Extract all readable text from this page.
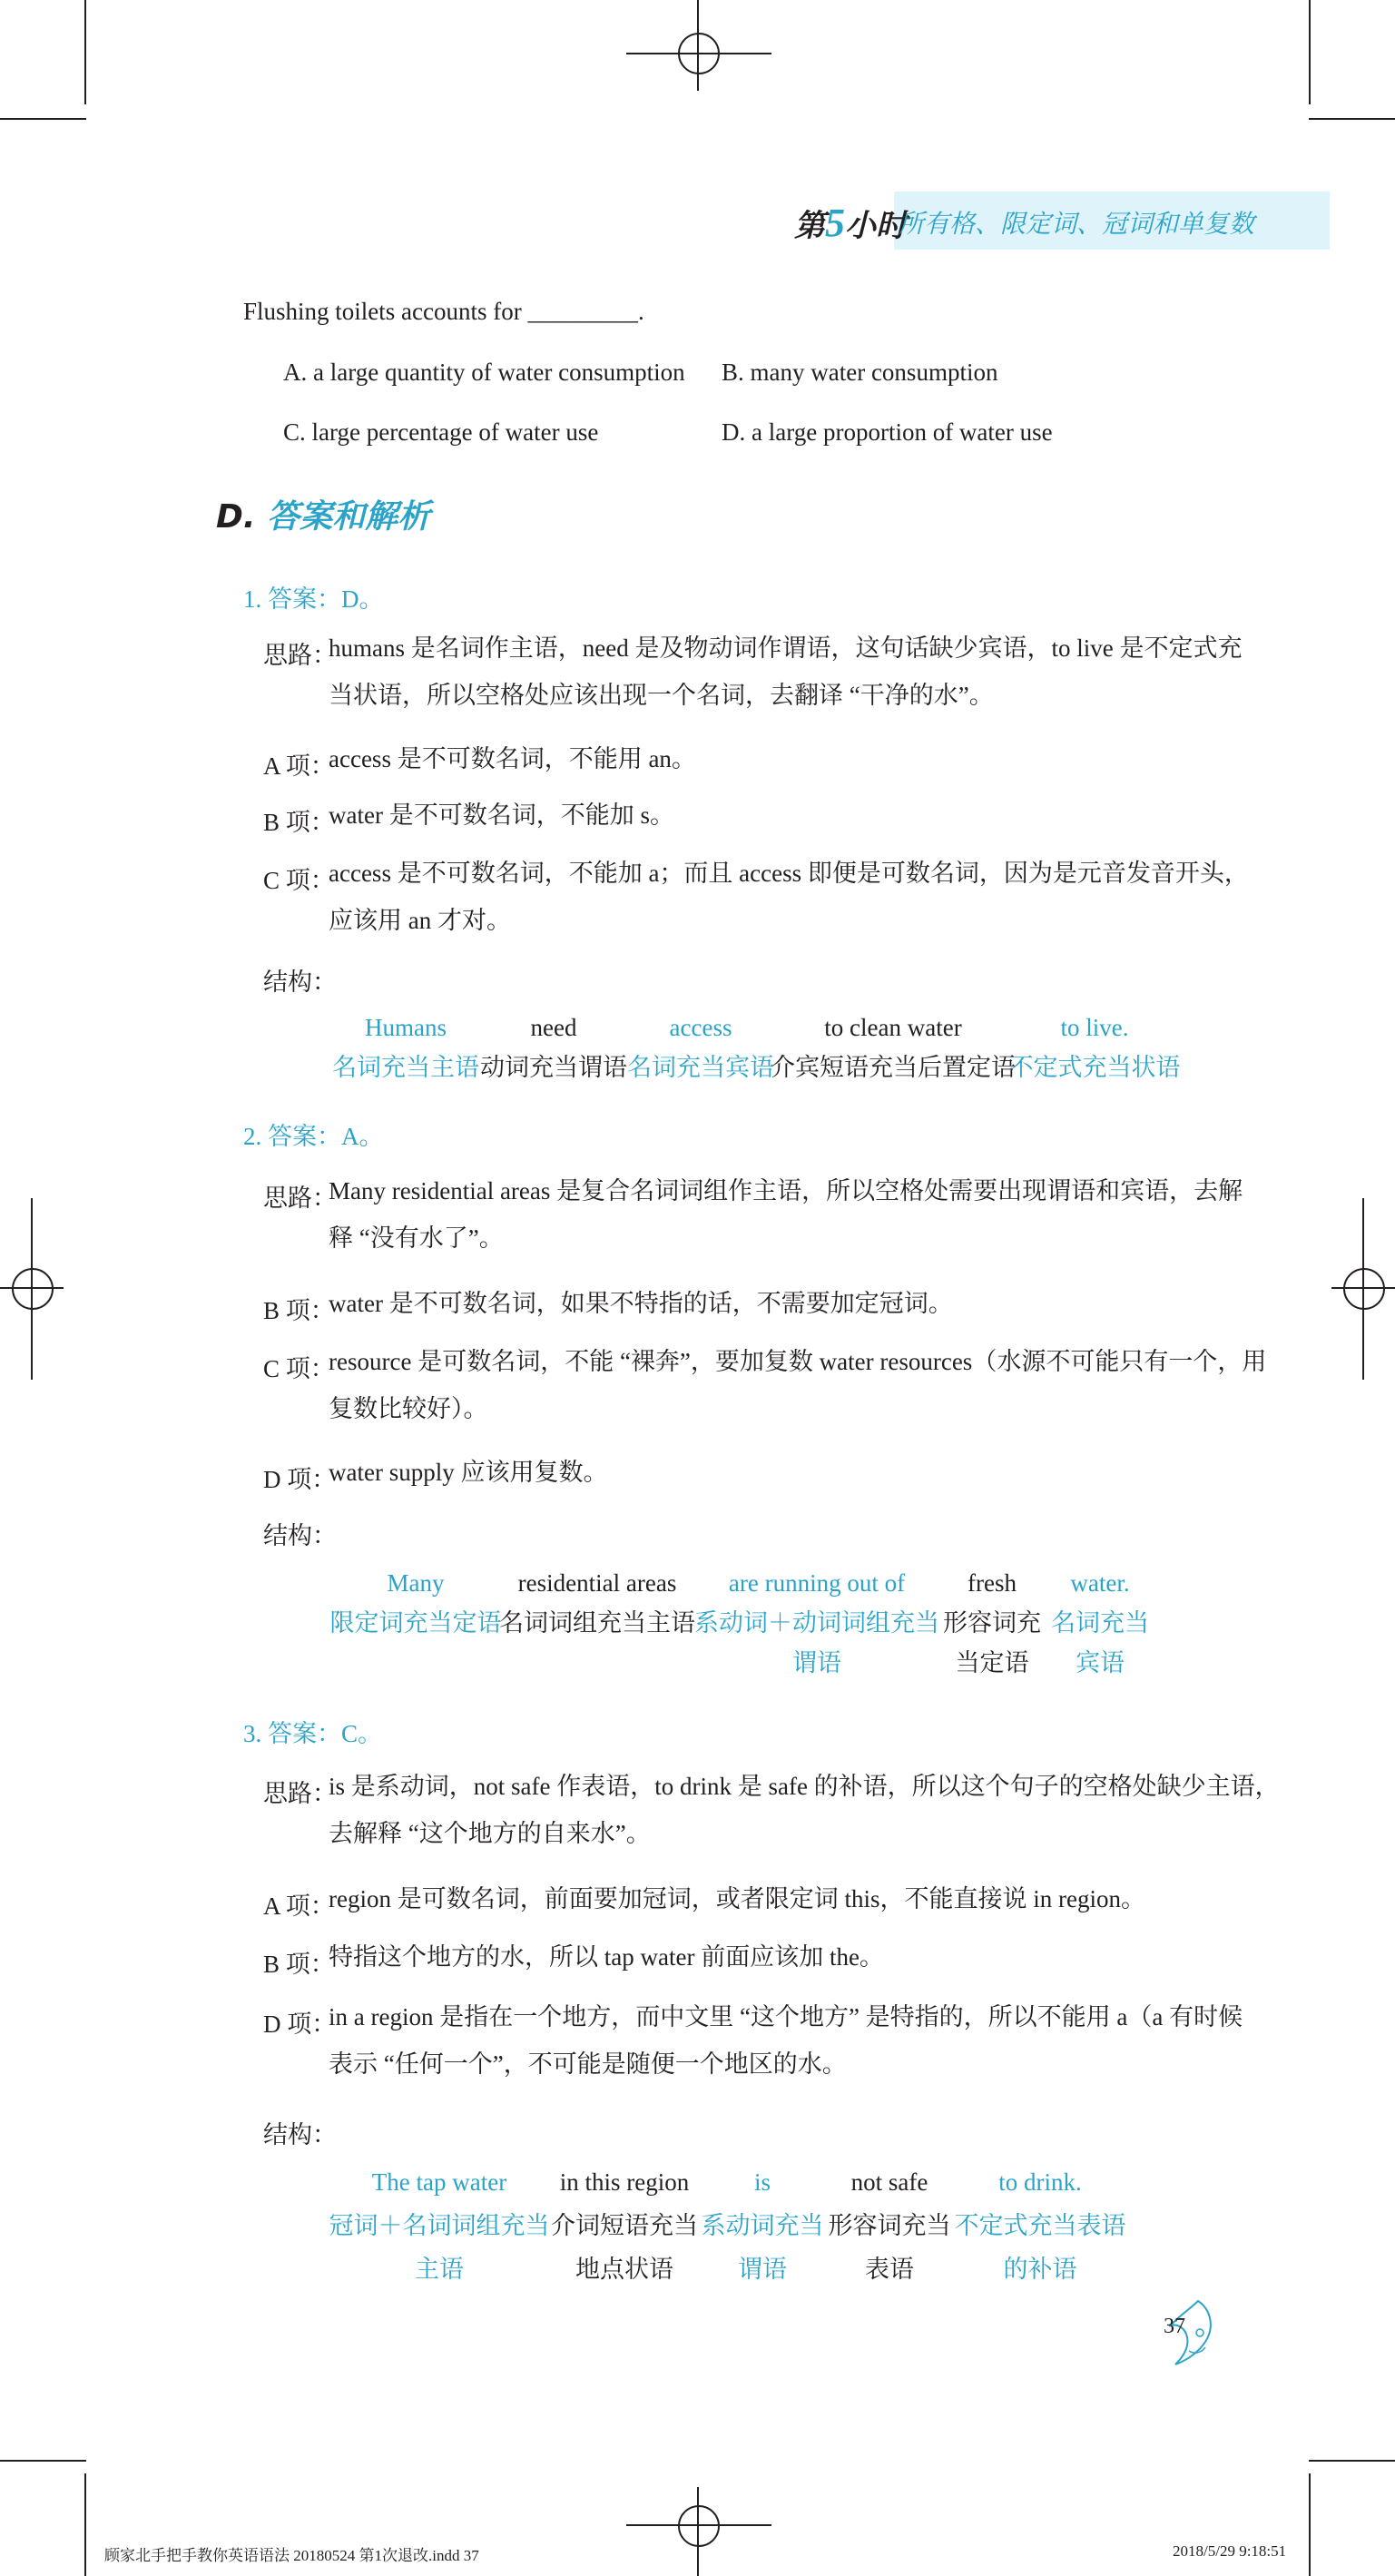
第5小时
所有格、限定词、冠词和单复数
Flushing toilets accounts for _________.
A. a large quantity of water consumption B. many water consumption
C. large percentage of water use	D. a large proportion of water use
D. 答案和解析
1. 答案：D。
思路：
humans 是名词作主语，need 是及物动词作谓语，这句话缺少宾语，to live 是不定式充
当状语，所以空格处应该出现一个名词，去翻译 “干净的水”。
A 项：
access 是不可数名词，不能用 an。
B 项：
water 是不可数名词，不能加 s。
C 项：
access 是不可数名词，不能加 a；而且 access 即便是可数名词，因为是元音发音开头，
应该用 an 才对。
结构：
Humans
名词充当主语
need
动词充当谓语
access
名词充当宾语
to clean water
介宾短语充当后置定语
to live.
不定式充当状语
2. 答案：A。
思路：
Many residential areas 是复合名词词组作主语，所以空格处需要出现谓语和宾语，去解
释 “没有水了”。
B 项：
water 是不可数名词，如果不特指的话，不需要加定冠词。
C 项：
resource 是可数名词，不能 “裸奔”，要加复数 water resources（水源不可能只有一个，用
复数比较好）。
D 项：
water supply 应该用复数。
结构：
Many
限定词充当定语
residential areas
名词词组充当主语
are running out of
系动词＋动词词组充当
谓语
fresh
形容词充
当定语
water.
名词充当
宾语
3. 答案：C。
思路：
is 是系动词，not safe 作表语，to drink 是 safe 的补语，所以这个句子的空格处缺少主语，
去解释 “这个地方的自来水”。
A 项：
region 是可数名词，前面要加冠词，或者限定词 this，不能直接说 in region。
B 项：
特指这个地方的水，所以 tap water 前面应该加 the。
D 项：
in a region 是指在一个地方，而中文里 “这个地方” 是特指的，所以不能用 a（a 有时候
表示 “任何一个”，不可能是随便一个地区的水。
结构：
The tap water
冠词＋名词词组充当
主语
in this region
介词短语充当
地点状语
is
系动词充当
谓语
not safe
形容词充当
表语
to drink.
不定式充当表语
的补语
37
顾家北手把手教你英语语法 20180524 第1次退改.indd 37	2018/5/29 9:18:51
